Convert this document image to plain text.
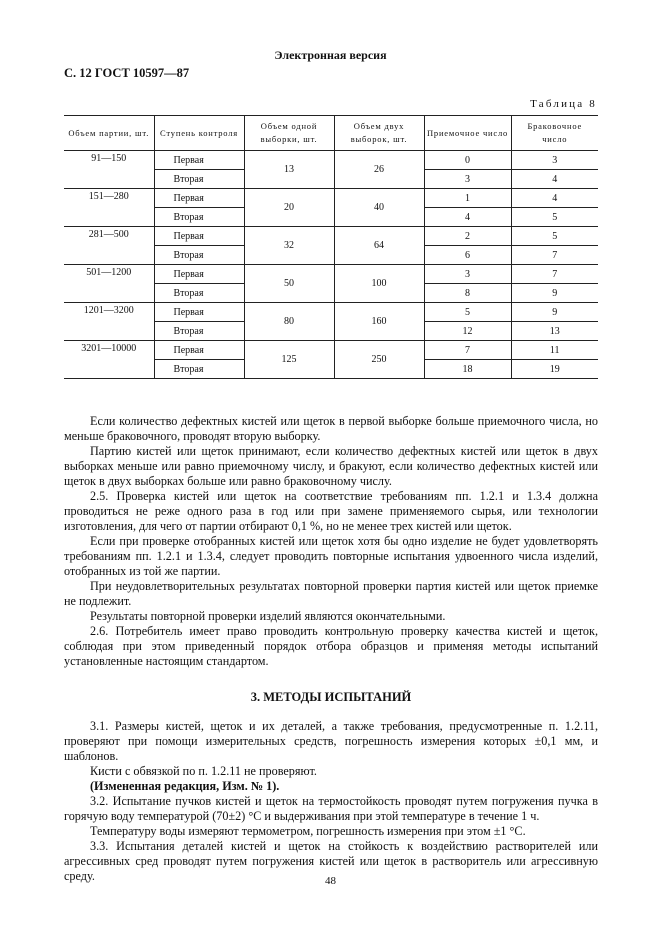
Электронная версия
С. 12 ГОСТ 10597—87
Таблица 8
Объем партии, шт.	Ступень контроля	Объем одной выборки, шт.	Объем двух выборок, шт.	Приемочное число	Браковочное число
91—150	Первая	13	26	0	3
	Вторая			3	4
151—280	Первая	20	40	1	4
	Вторая			4	5
281—500	Первая	32	64	2	5
	Вторая			6	7
501—1200	Первая	50	100	3	7
	Вторая			8	9
1201—3200	Первая	80	160	5	9
	Вторая			12	13
3201—10000	Первая	125	250	7	11
	Вторая			18	19

Если количество дефектных кистей или щеток в первой выборке больше приемочного числа, но меньше браковочного, проводят вторую выборку.

Партию кистей или щеток принимают, если количество дефектных кистей или щеток в двух выборках меньше или равно приемочному числу, и бракуют, если количество дефектных кистей или щеток в двух выборках больше или равно браковочному числу.

2.5. Проверка кистей или щеток на соответствие требованиям пп. 1.2.1 и 1.3.4 должна проводиться не реже одного раза в год или при замене применяемого сырья, или технологии изготовления, для чего от партии отбирают 0,1 %, но не менее трех кистей или щеток.

Если при проверке отобранных кистей или щеток хотя бы одно изделие не будет удовлетворять требованиям пп. 1.2.1 и 1.3.4, следует проводить повторные испытания удвоенного числа изделий, отобранных из той же партии.

При неудовлетворительных результатах повторной проверки партия кистей или щеток приемке не подлежит.

Результаты повторной проверки изделий являются окончательными.

2.6. Потребитель имеет право проводить контрольную проверку качества кистей и щеток, соблюдая при этом приведенный порядок отбора образцов и применяя методы испытаний установленные настоящим стандартом.

3. МЕТОДЫ ИСПЫТАНИЙ

3.1. Размеры кистей, щеток и их деталей, а также требования, предусмотренные п. 1.2.11, проверяют при помощи измерительных средств, погрешность измерения которых ±0,1 мм, и шаблонов.

Кисти с обвязкой по п. 1.2.11 не проверяют.

(Измененная редакция, Изм. № 1).

3.2. Испытание пучков кистей и щеток на термостойкость проводят путем погружения пучка в горячую воду температурой (70±2) °С и выдерживания при этой температуре в течение 1 ч.

Температуру воды измеряют термометром, погрешность измерения при этом ±1 °С.

3.3. Испытания деталей кистей и щеток на стойкость к воздействию растворителей или агрессивных сред проводят путем погружения кистей или щеток в растворитель или агрессивную среду.	48
